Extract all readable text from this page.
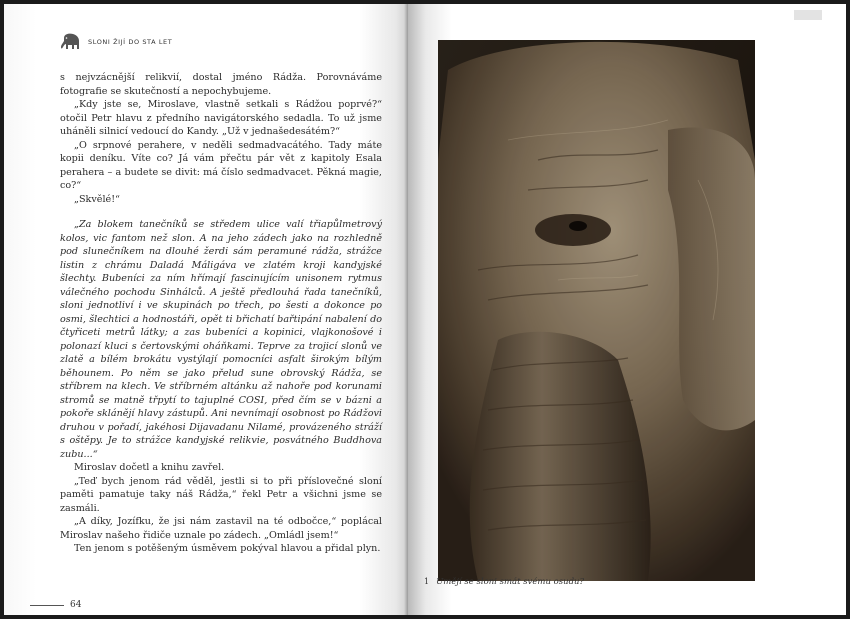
SLONI ŽIJÍ DO STA LET

s nejvzácnější relikvií, dostal jméno Rádža. Porovnáváme fotografie se skutečností a nepochybujeme.

„Kdy jste se, Miroslave, vlastně setkali s Rádžou poprvé?“ otočil Petr hlavu z předního navigátorského sedadla. To už jsme uháněli silnicí vedoucí do Kandy. „Už v jednašedesátém?“

„O srpnové perahere, v neděli sedmadvacátého. Tady máte kopii deníku. Víte co? Já vám přečtu pár vět z kapitoly Esala perahera – a budete se divit: má číslo sedmadvacet. Pěkná magie, co?“

„Skvělé!“

„Za blokem tanečníků se středem ulice valí třiapůlmetrový kolos, vic fantom než slon. A na jeho zádech jako na rozhledně pod slunečníkem na dlouhé žerdi sám peramuné rádža, strážce listin z chrámu Daladá Máligáva ve zlatém kroji kandyjské šlechty. Bubeníci za ním hřímají fascinujícím unisonem rytmus válečného pochodu Sinhálců. A ještě předlouhá řada tanečníků, sloni jednotliví i ve skupinách po třech, po šesti a dokonce po osmi, šlechtici a hodnostáři, opět ti břichatí bařtipání nabalení do čtyřiceti metrů látky; a zas bubeníci a kopinici, vlajkonošové i polonazí kluci s čertovskými oháňkami. Teprve za trojicí slonů ve zlatě a bílém brokátu vystýlají pomocníci asfalt širokým bílým běhounem. Po něm se jako přelud sune obrovský Rádža, se stříbrem na klech. Ve stříbrném altánku až nahoře pod korunami stromů se matně třpytí to tajuplné COSI, před čím se v bázni a pokoře sklánějí hlavy zástupů. Ani nevnímají osobnost po Rádžovi druhou v pořadí, jakéhosi Dijavadanu Nilamé, provázeného stráží s oštěpy. Je to strážce kandyjské relikvie, posvátného Buddhova zubu...“

Miroslav dočetl a knihu zavřel.

„Teď bych jenom rád věděl, jestli si to při příslovečné sloní paměti pamatuje taky náš Rádža,“ řekl Petr a všichni jsme se zasmáli.

„A díky, Jozífku, že jsi nám zastavil na té odbočce,“ poplácal Miroslav našeho řidiče uznale po zádech. „Omládl jsem!“

Ten jenom s potěšeným úsměvem pokýval hlavou a přidal plyn.

64
1 Umějí se sloni smát svému osudu?
